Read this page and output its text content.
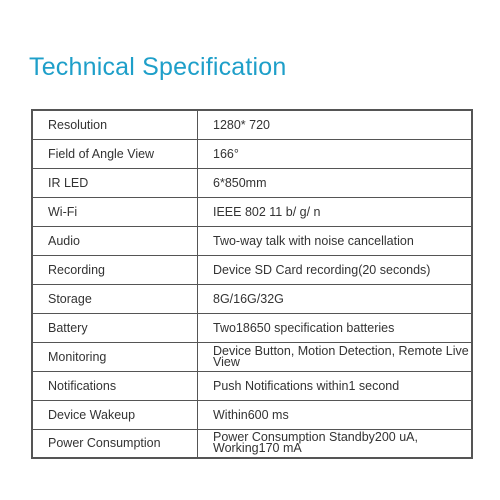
Technical Specification
Resolution	1280* 720
Field of Angle View	166°
IR LED	6*850mm
Wi-Fi	IEEE 802 11 b/ g/ n
Audio	Two-way talk with noise cancellation
Recording	Device SD Card recording(20 seconds)
Storage	8G/16G/32G
Battery	Two18650 specification batteries
Monitoring	Device Button, Motion Detection, Remote Live View

Notifications	Push Notifications within1 second
Device Wakeup	Within600 ms
Power Consumption	Power Consumption Standby200 uA, Working170 mA
